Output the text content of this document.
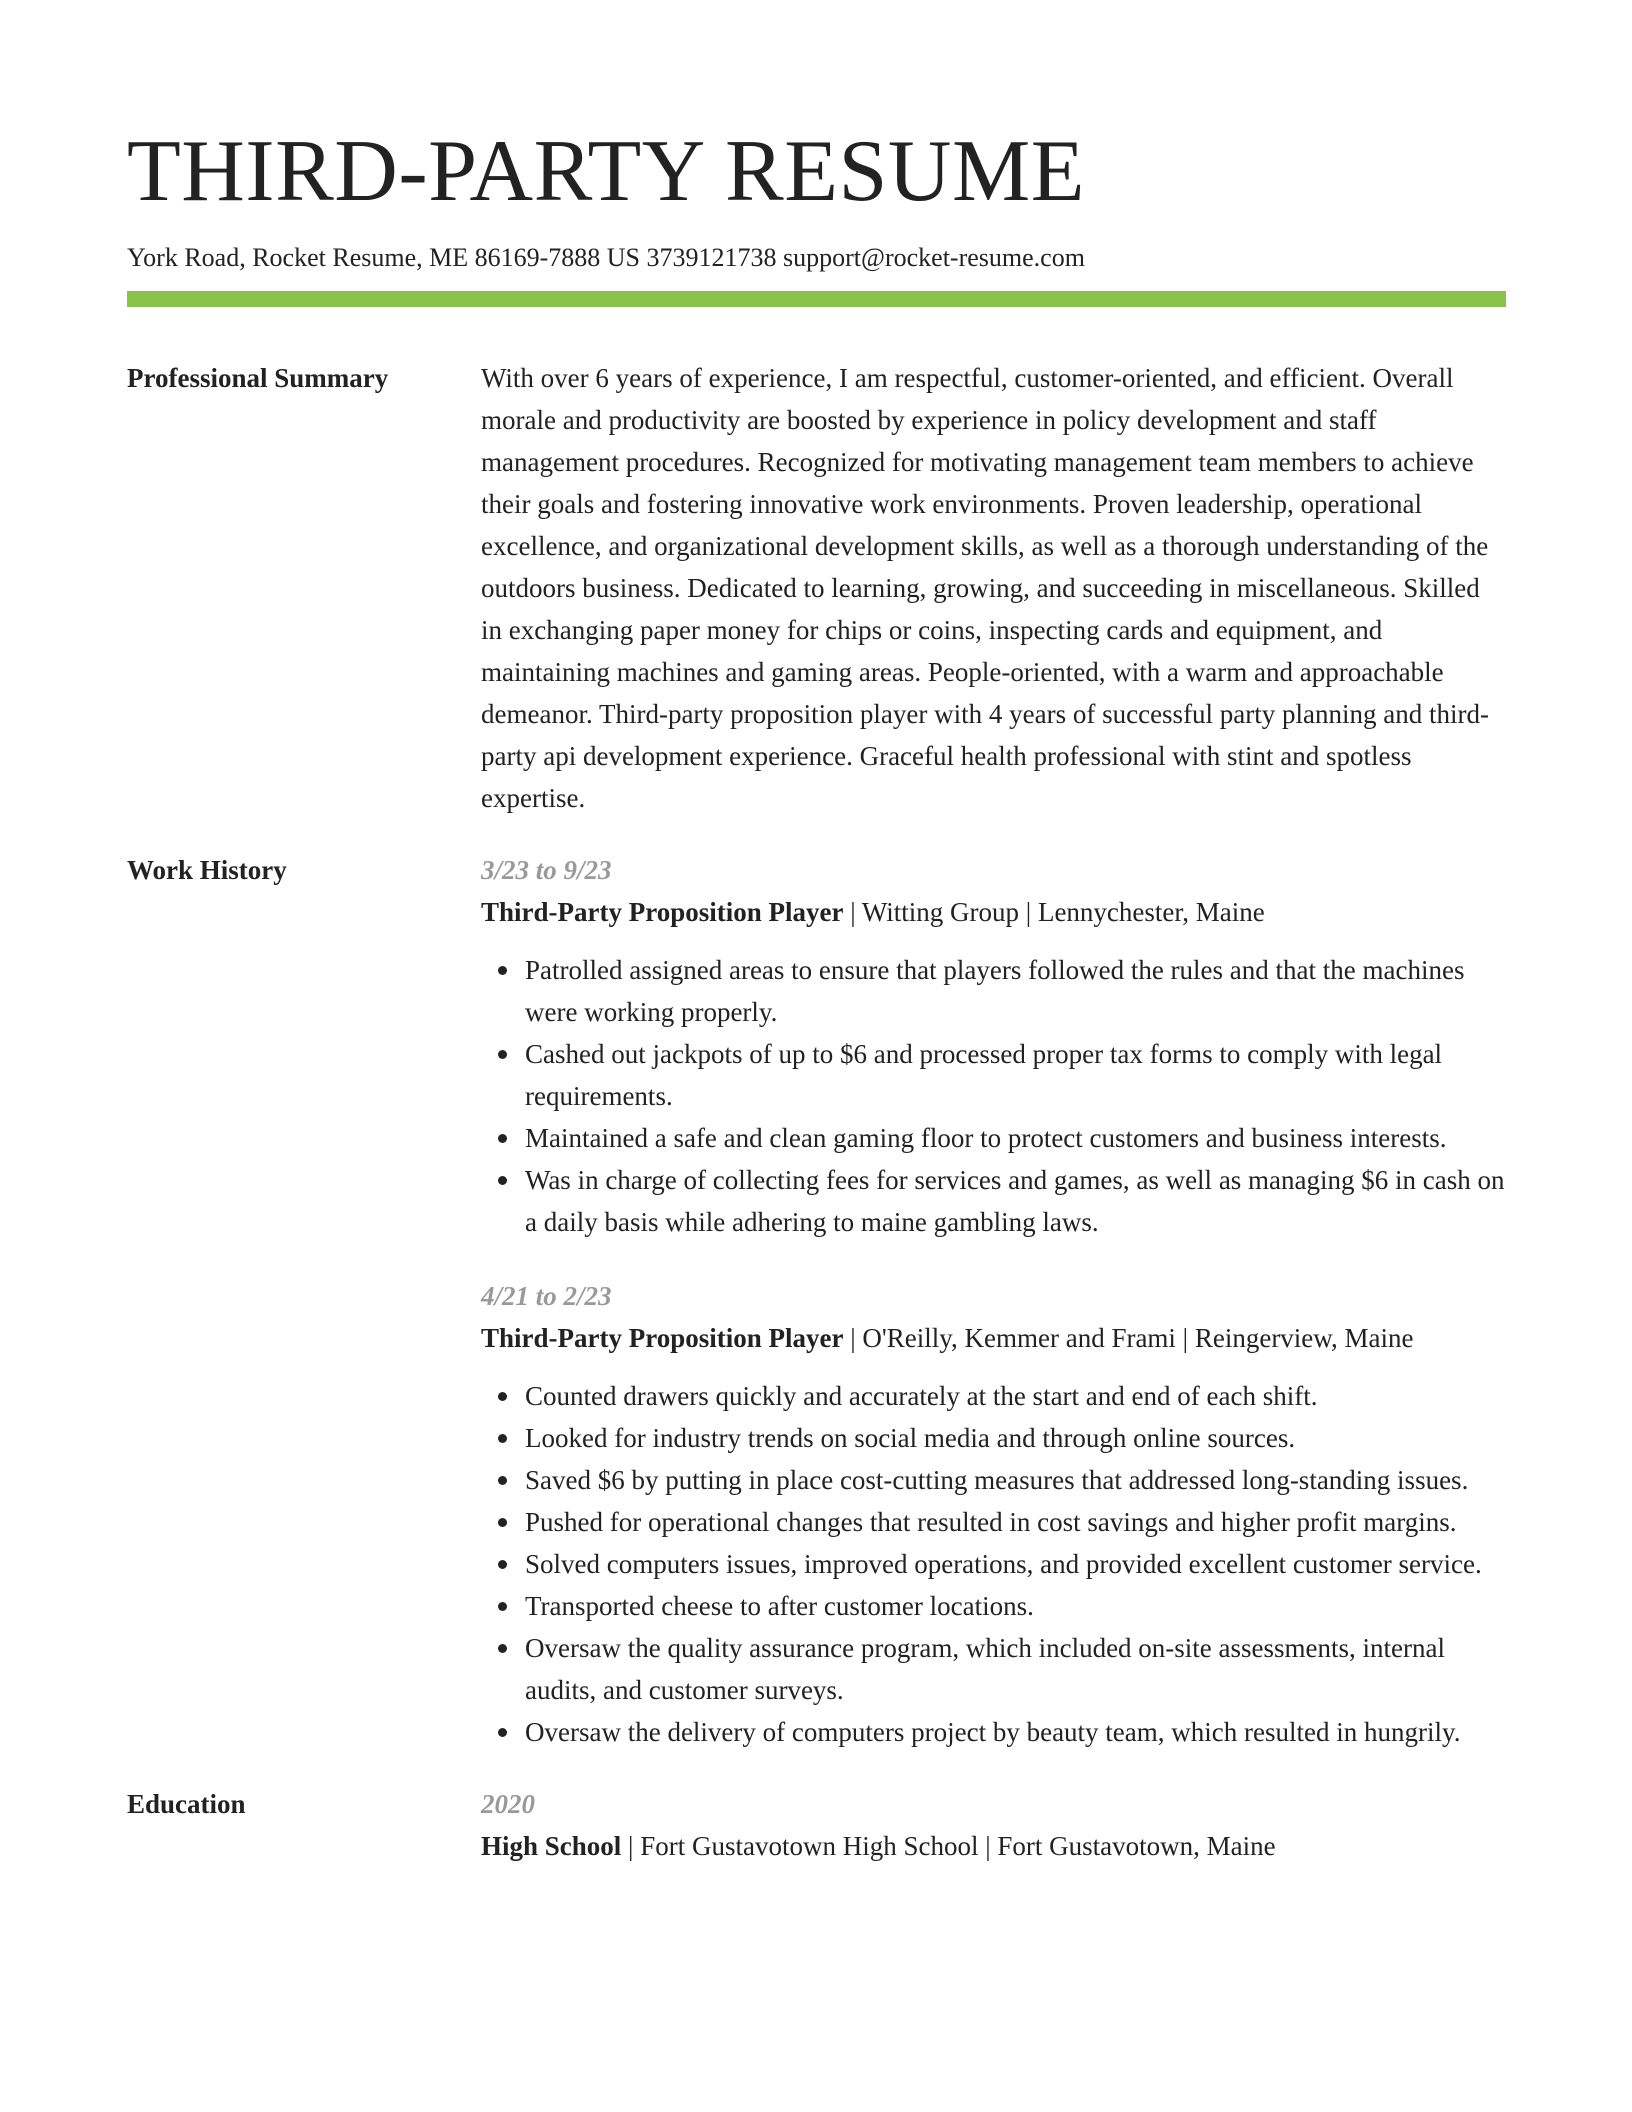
THIRD-PARTY RESUME
York Road, Rocket Resume, ME 86169-7888 US 3739121738 support@rocket-resume.com
Professional Summary	With over 6 years of experience, I am respectful, customer-oriented, and efficient. Overall morale and productivity are boosted by experience in policy development and staff management procedures. Recognized for motivating management team members to achieve their goals and fostering innovative work environments. Proven leadership, operational excellence, and organizational development skills, as well as a thorough understanding of the outdoors business. Dedicated to learning, growing, and succeeding in miscellaneous. Skilled in exchanging paper money for chips or coins, inspecting cards and equipment, and maintaining machines and gaming areas. People-oriented, with a warm and approachable demeanor. Third-party proposition player with 4 years of successful party planning and third-party api development experience. Graceful health professional with stint and spotless expertise.
Work History	3/23 to 9/23
Third-Party Proposition Player | Witting Group | Lennychester, Maine
Patrolled assigned areas to ensure that players followed the rules and that the machines were working properly.
Cashed out jackpots of up to $6 and processed proper tax forms to comply with legal requirements.
Maintained a safe and clean gaming floor to protect customers and business interests.
Was in charge of collecting fees for services and games, as well as managing $6 in cash on a daily basis while adhering to maine gambling laws.
4/21 to 2/23
Third-Party Proposition Player | O'Reilly, Kemmer and Frami | Reingerview, Maine
Counted drawers quickly and accurately at the start and end of each shift.
Looked for industry trends on social media and through online sources.
Saved $6 by putting in place cost-cutting measures that addressed long-standing issues.
Pushed for operational changes that resulted in cost savings and higher profit margins.
Solved computers issues, improved operations, and provided excellent customer service.
Transported cheese to after customer locations.
Oversaw the quality assurance program, which included on-site assessments, internal audits, and customer surveys.
Oversaw the delivery of computers project by beauty team, which resulted in hungrily.
Education	2020
High School | Fort Gustavotown High School | Fort Gustavotown, Maine
